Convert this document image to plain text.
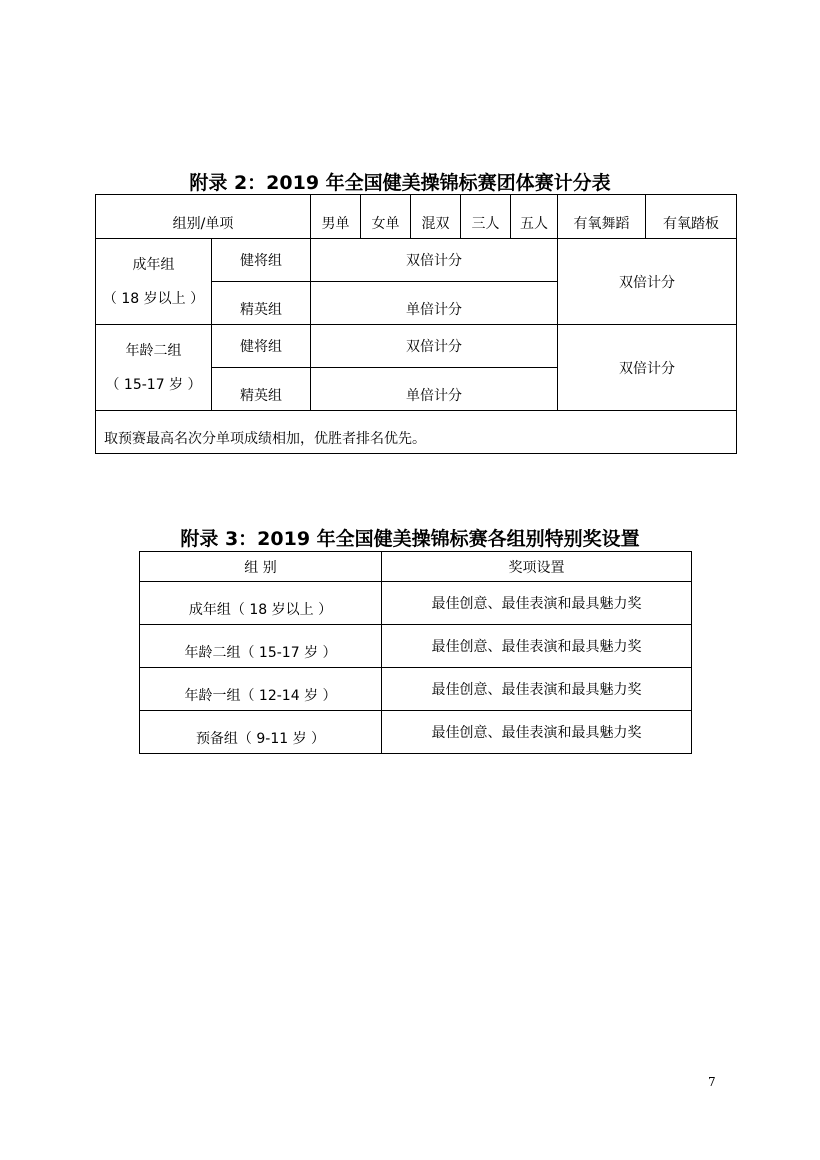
附录 2：2019 年全国健美操锦标赛团体赛计分表
组别/单项		男单	女单	混双	三人	五人	有氧舞蹈	有氧踏板

成年组
（ 18 岁以上 ）	健将组	双倍计分					双倍计分	
	精英组	单倍计分						

年龄二组
（ 15-17 岁 ）	健将组	双倍计分					双倍计分	
	精英组	单倍计分						
取预赛最高名次分单项成绩相加，优胜者排名优先。								
附录 3：2019 年全国健美操锦标赛各组别特别奖设置
组 别	奖项设置
成年组（ 18 岁以上 ）	最佳创意、最佳表演和最具魅力奖
年龄二组（ 15-17 岁 ）	最佳创意、最佳表演和最具魅力奖
年龄一组（ 12-14 岁 ）	最佳创意、最佳表演和最具魅力奖
预备组（ 9-11 岁 ）	最佳创意、最佳表演和最具魅力奖
7
